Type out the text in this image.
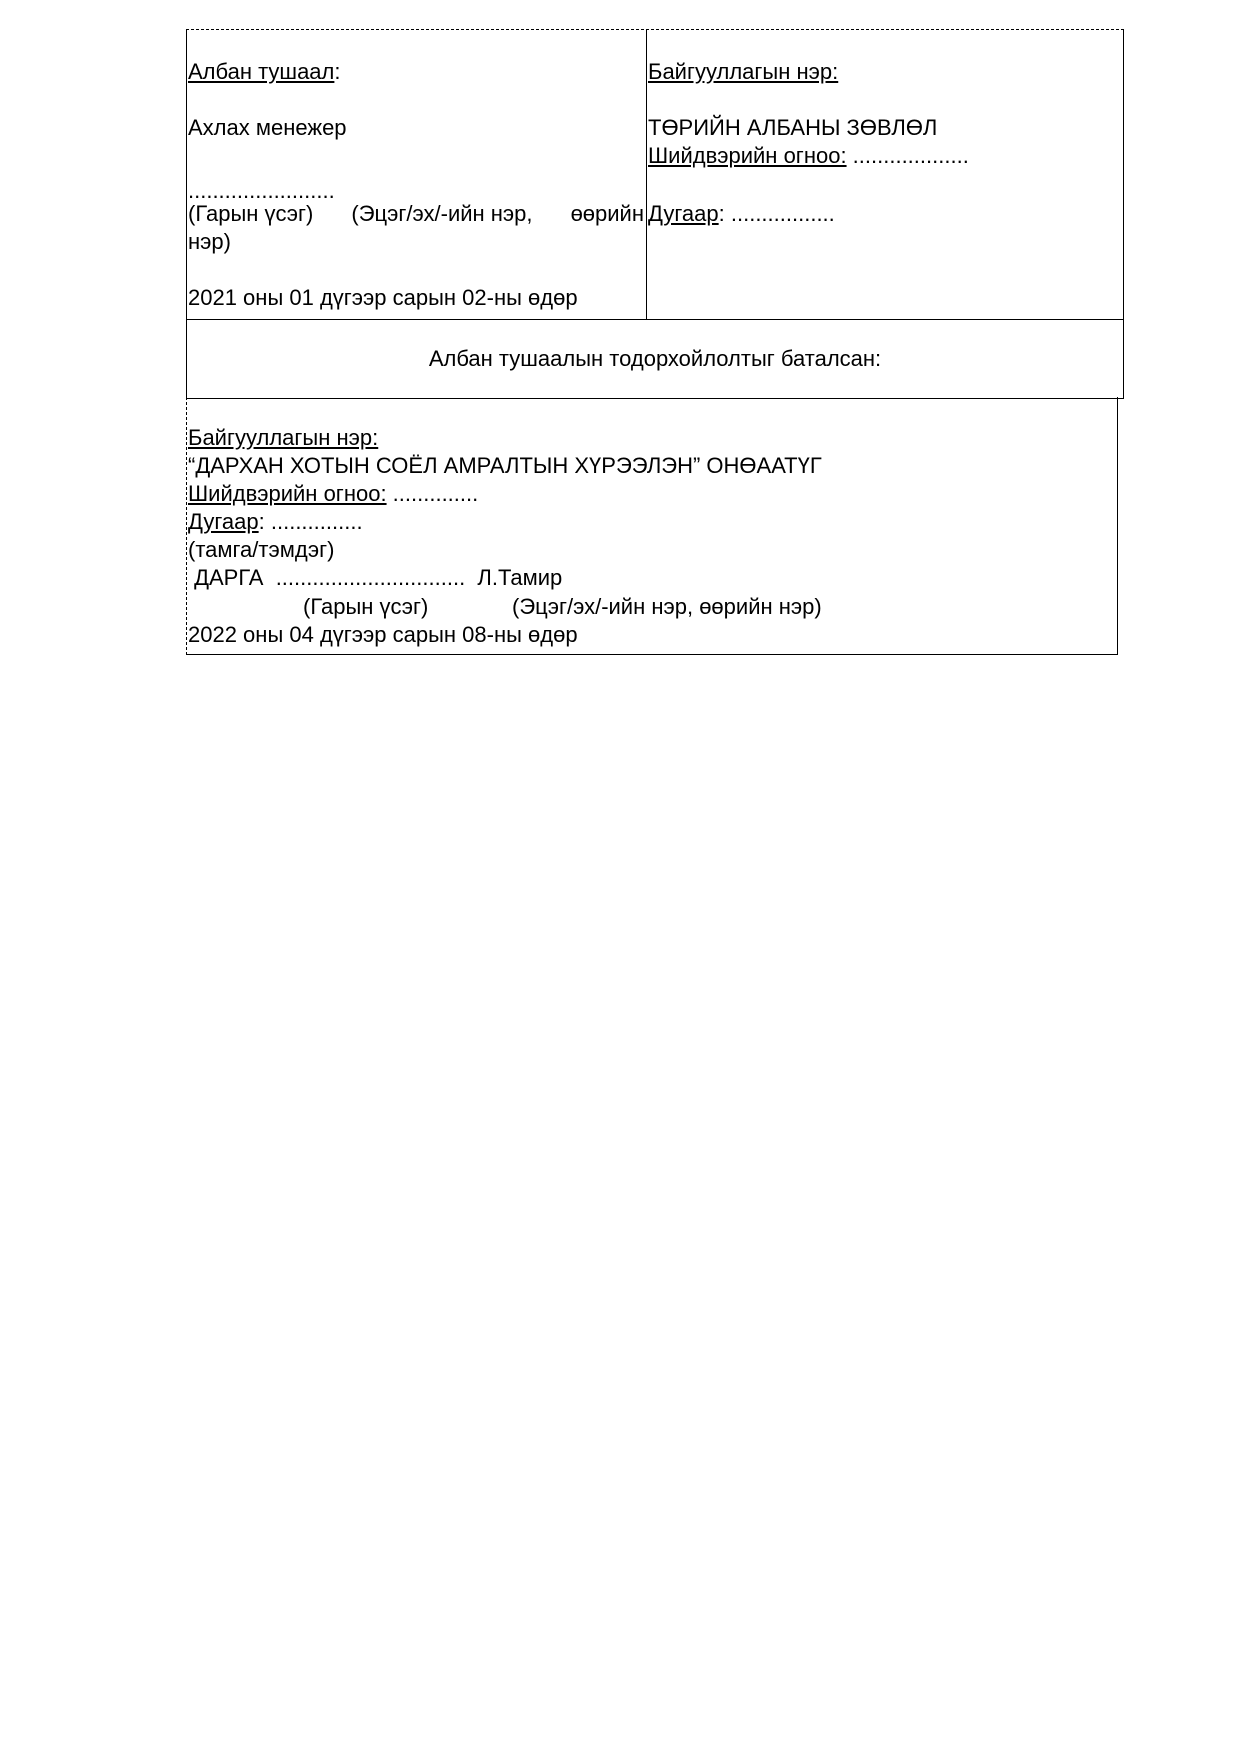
Албан тушаал:
Ахлах менежер
........................
(Гарын үсэг) (Эцэг/эх/-ийн нэр, өөрийн
нэр)
2021 оны 01 дүгээр сарын 02-ны өдөр
Байгууллагын нэр:
ТӨРИЙН АЛБАНЫ ЗӨВЛӨЛ
Шийдвэрийн огноо: ...................
Дугаар: .................
Албан тушаалын тодорхойлолтыг баталсан:
Байгууллагын нэр:
“ДАРХАН ХОТЫН СОЁЛ АМРАЛТЫН ХҮРЭЭЛЭН” ОНӨААТҮГ
Шийдвэрийн огноо: ..............
Дугаар: ...............
(тамга/тэмдэг)
ДАРГА  ...............................  Л.Тамир
(Гарын үсэг)	(Эцэг/эх/-ийн нэр, өөрийн нэр)
2022 оны 04 дүгээр сарын 08-ны өдөр
